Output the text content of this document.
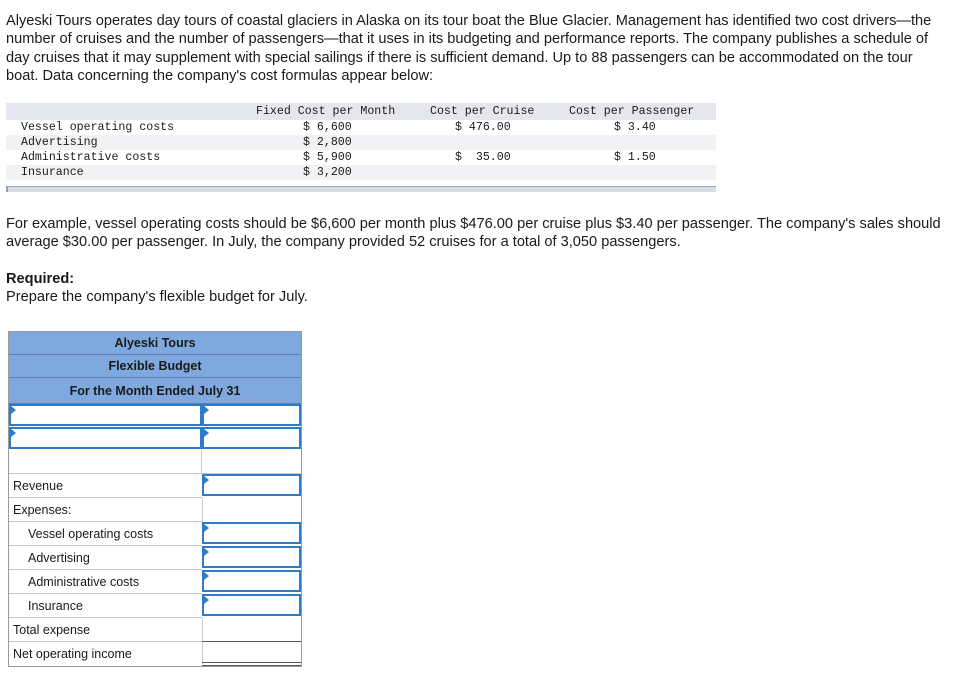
Alyeski Tours operates day tours of coastal glaciers in Alaska on its tour boat the Blue Glacier. Management has identified two cost drivers—the number of cruises and the number of passengers—that it uses in its budgeting and performance reports. The company publishes a schedule of day cruises that it may supplement with special sailings if there is sufficient demand. Up to 88 passengers can be accommodated on the tour boat. Data concerning the company's cost formulas appear below:
Fixed Cost per Month	Cost per Cruise	Cost per Passenger
Vessel operating costs	$ 6,600	$ 476.00	$ 3.40
Advertising	$ 2,800
Administrative costs	$ 5,900	$  35.00	$ 1.50
Insurance	$ 3,200
For example, vessel operating costs should be $6,600 per month plus $476.00 per cruise plus $3.40 per passenger. The company's sales should average $30.00 per passenger. In July, the company provided 52 cruises for a total of 3,050 passengers.
Required:
Prepare the company's flexible budget for July.
Alyeski Tours
Flexible Budget
For the Month Ended July 31
Revenue
Expenses:
Vessel operating costs
Advertising
Administrative costs
Insurance
Total expense
Net operating income
